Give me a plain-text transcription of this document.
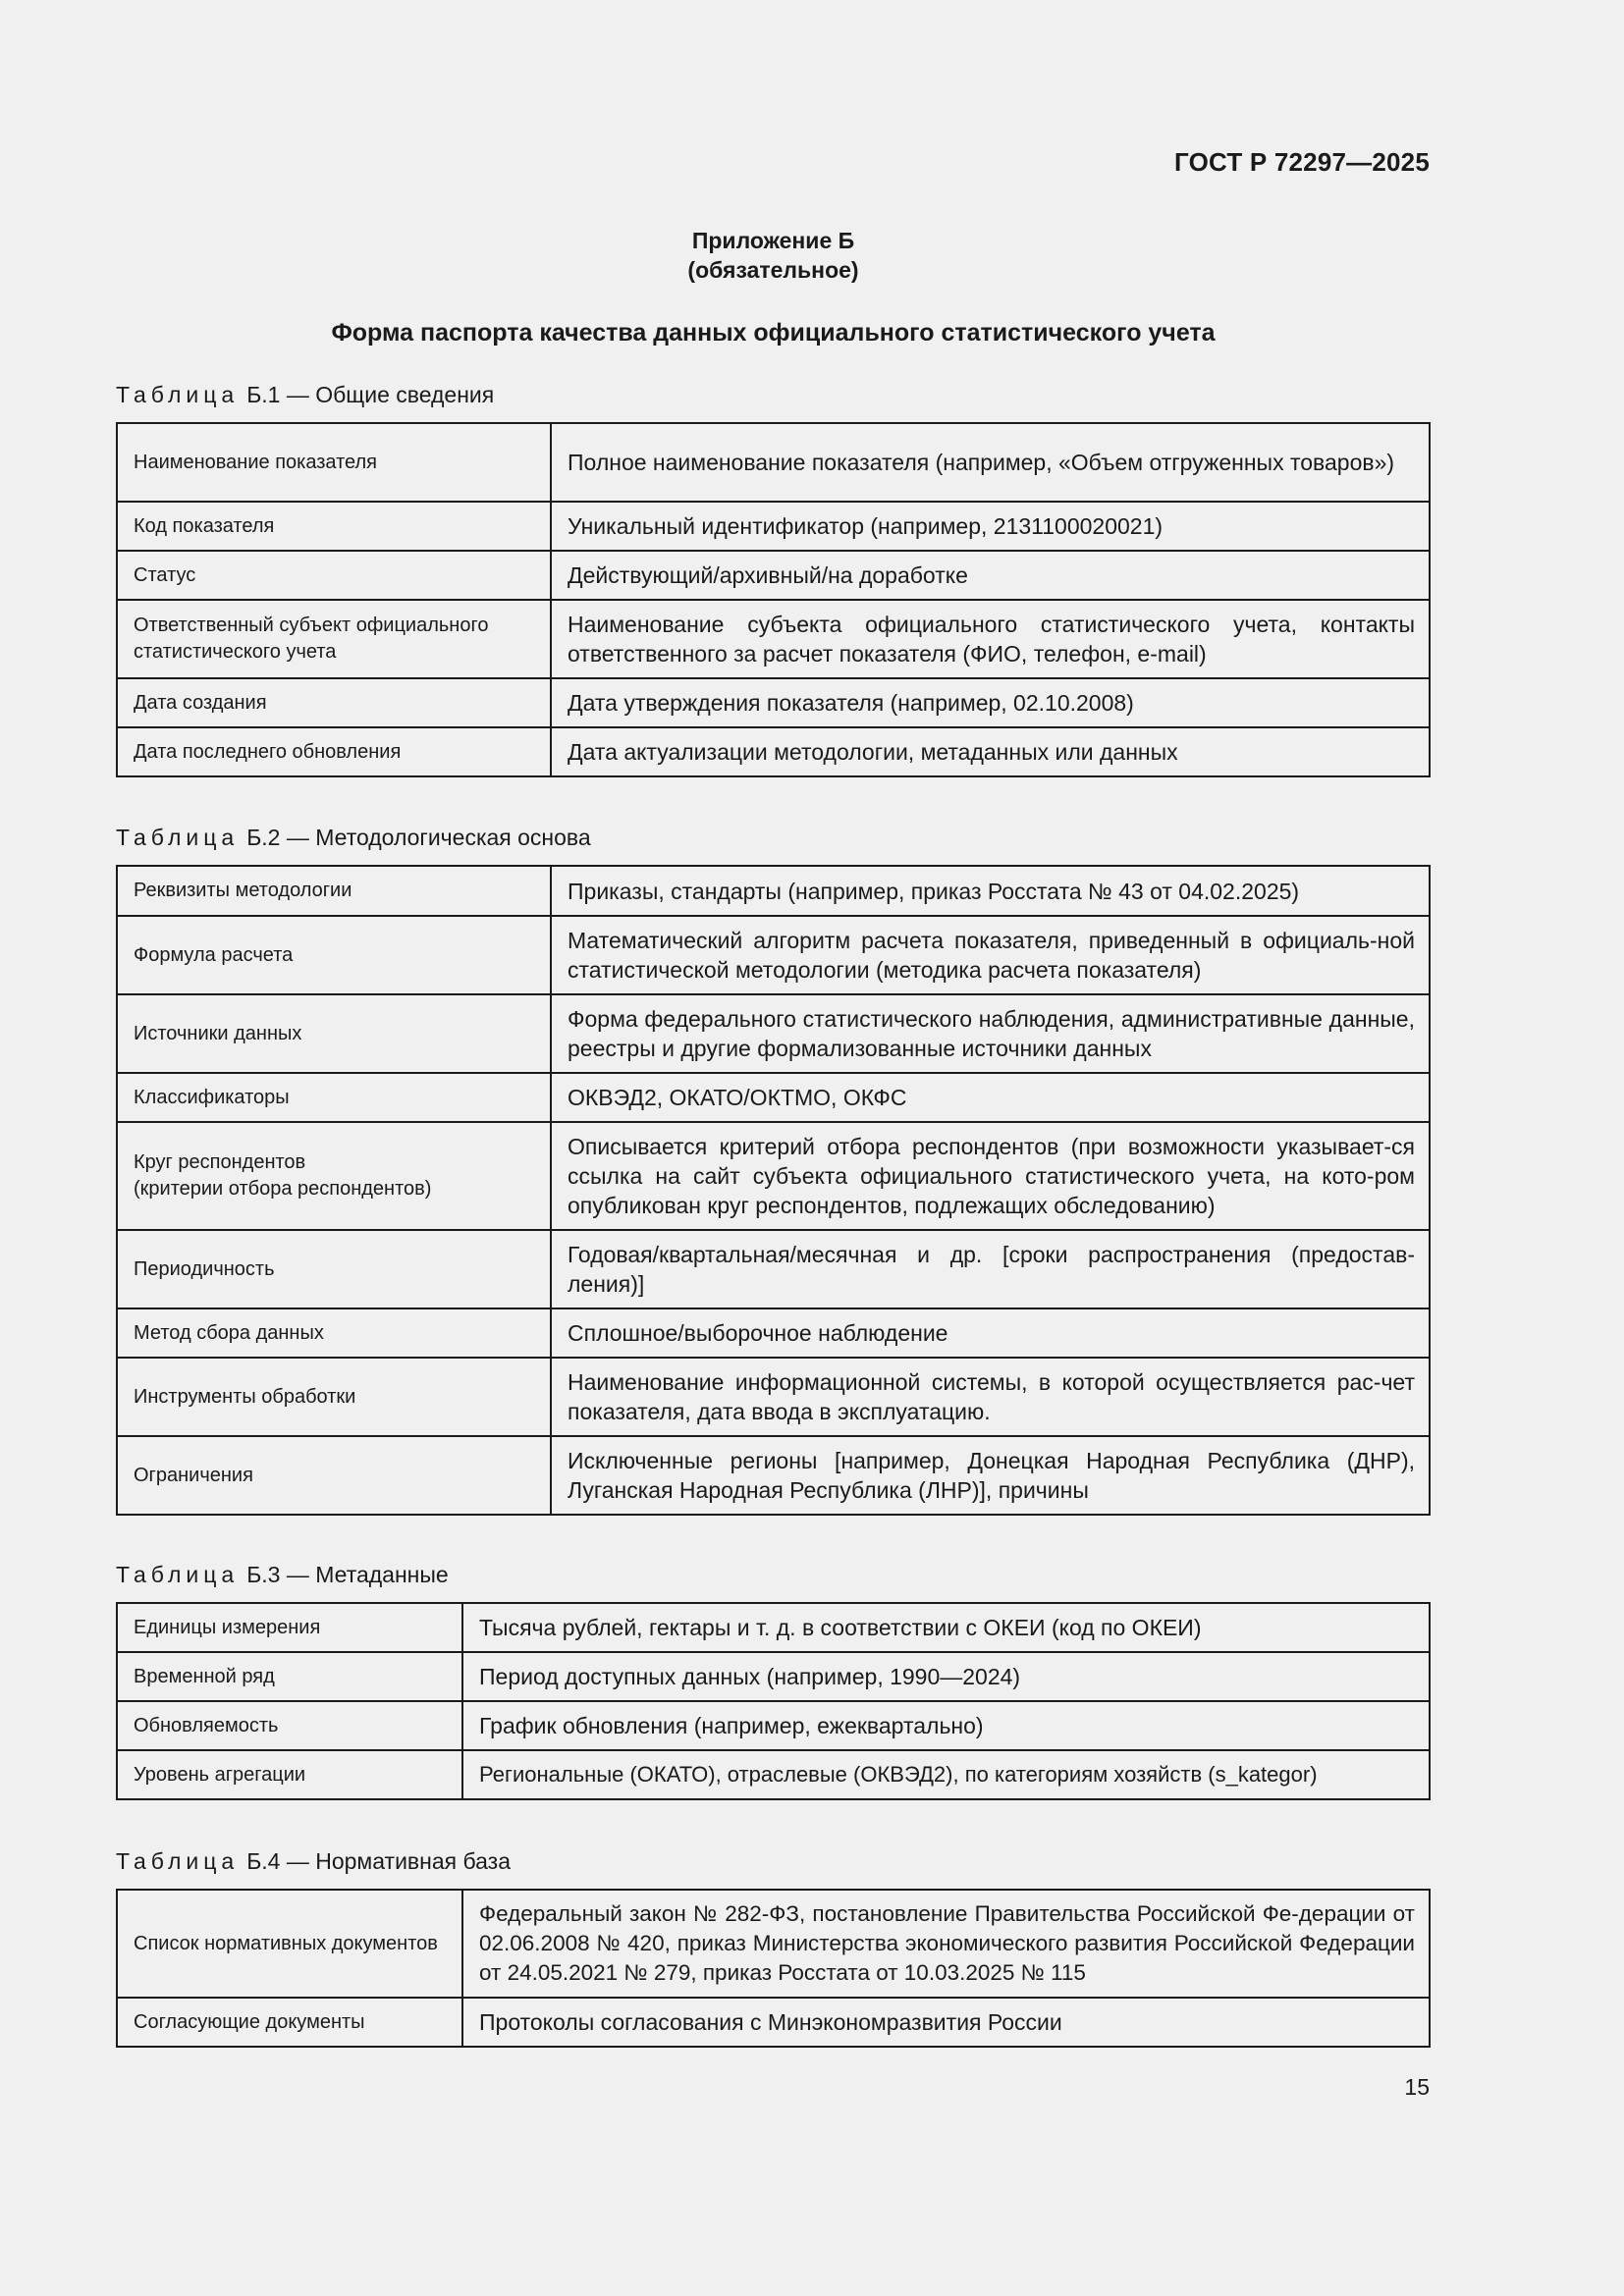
ГОСТ Р 72297—2025
Приложение Б
(обязательное)
Форма паспорта качества данных официального статистического учета
Таблица Б.1 — Общие сведения
Наименование показателя	Полное наименование показателя (например, «Объем отгруженных товаров»)
Код показателя	Уникальный идентификатор (например, 2131100020021)
Статус	Действующий/архивный/на доработке
Ответственный субъект официального статистического учета	Наименование субъекта официального статистического учета, контакты ответственного за расчет показателя (ФИО, телефон, e-mail)
Дата создания	Дата утверждения показателя (например, 02.10.2008)
Дата последнего обновления	Дата актуализации методологии, метаданных или данных
Таблица Б.2 — Методологическая основа
Реквизиты методологии	Приказы, стандарты (например, приказ Росстата № 43 от 04.02.2025)
Формула расчета	Математический алгоритм расчета показателя, приведенный в официаль-ной статистической методологии (методика расчета показателя)
Источники данных	Форма федерального статистического наблюдения, административные данные, реестры и другие формализованные источники данных
Классификаторы	ОКВЭД2, ОКАТО/ОКТМО, ОКФС

Круг респондентов
(критерии отбора респондентов)	Описывается критерий отбора респондентов (при возможности указывает-ся ссылка на сайт субъекта официального статистического учета, на кото-ром опубликован круг респондентов, подлежащих обследованию)
Периодичность	Годовая/квартальная/месячная и др. [сроки распространения (предостав-ления)]
Метод сбора данных	Сплошное/выборочное наблюдение
Инструменты обработки	Наименование информационной системы, в которой осуществляется рас-чет показателя, дата ввода в эксплуатацию.
Ограничения	Исключенные регионы [например, Донецкая Народная Республика (ДНР), Луганская Народная Республика (ЛНР)], причины
Таблица Б.3 — Метаданные
Единицы измерения	Тысяча рублей, гектары и т. д. в соответствии с ОКЕИ (код по ОКЕИ)
Временной ряд	Период доступных данных (например, 1990—2024)
Обновляемость	График обновления (например, ежеквартально)
Уровень агрегации	Региональные (ОКАТО), отраслевые (ОКВЭД2), по категориям хозяйств (s_kategor)
Таблица Б.4 — Нормативная база
Список нормативных документов	Федеральный закон № 282-ФЗ, постановление Правительства Российской Фе-дерации от 02.06.2008 № 420, приказ Министерства экономического развития Российской Федерации от 24.05.2021 № 279, приказ Росстата от 10.03.2025 № 115
Согласующие документы	Протоколы согласования с Минэкономразвития России
15
